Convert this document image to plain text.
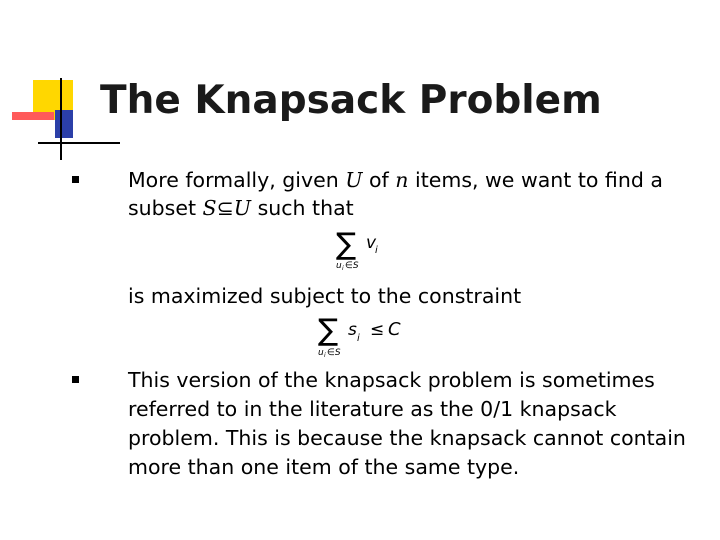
The Knapsack Problem
More formally, given U of n items, we want to find a
subset S⊆U such that
∑ v
i
u i ∈S
is maximized subject to the constraint
∑ s i ≤ C
u i ∈S
This version of the knapsack problem is sometimes
referred to in the literature as the 0/1 knapsack
problem. This is because the knapsack cannot contain
more than one item of the same type.
